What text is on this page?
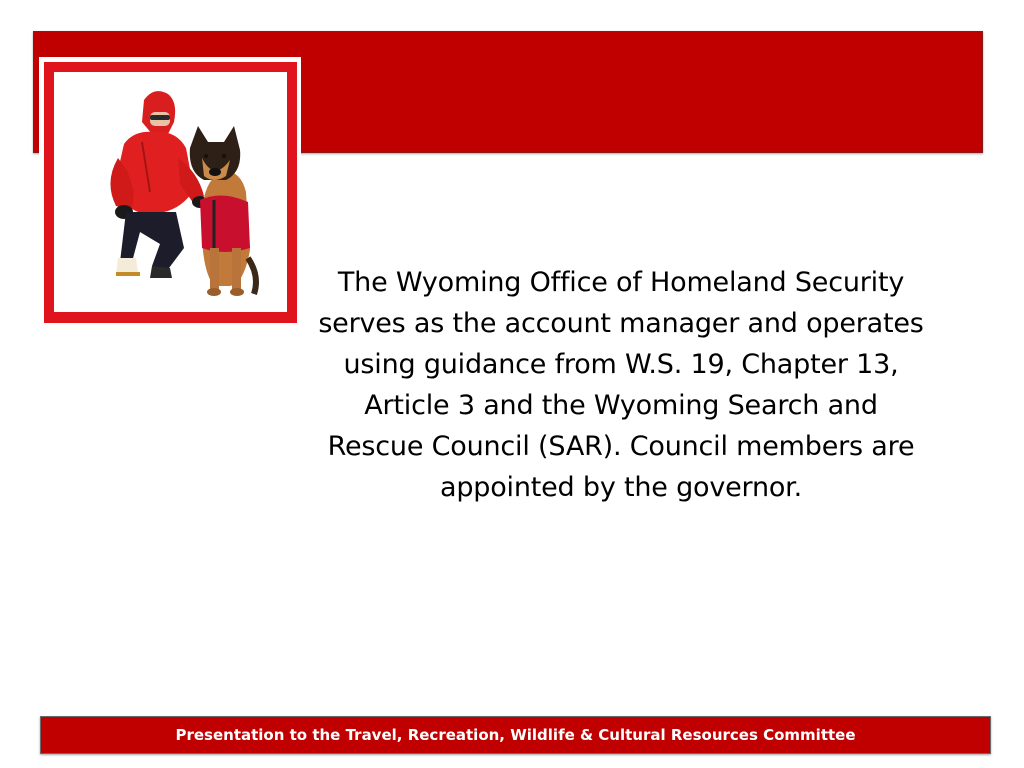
The Wyoming Office of Homeland Security serves as the account manager and operates using guidance from W.S. 19, Chapter 13, Article 3 and the Wyoming Search and Rescue Council (SAR). Council members are appointed by the governor.

Presentation to the Travel, Recreation, Wildlife & Cultural Resources Committee
